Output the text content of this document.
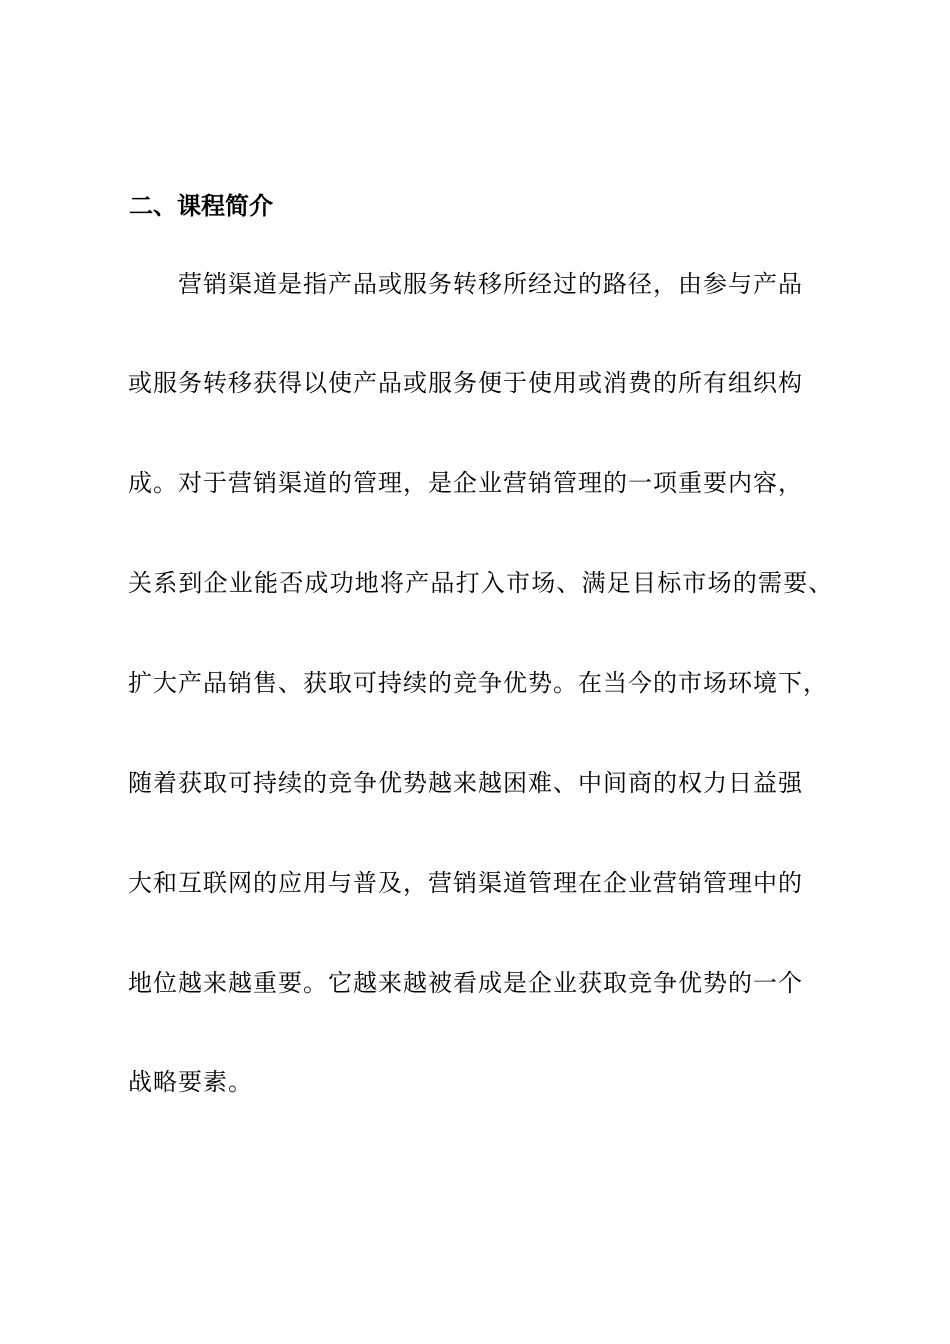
二、课程简介
营销渠道是指产品或服务转移所经过的路径，由参与产品
或服务转移获得以使产品或服务便于使用或消费的所有组织构
成。对于营销渠道的管理，是企业营销管理的一项重要内容，
关系到企业能否成功地将产品打入市场、满足目标市场的需要、
扩大产品销售、获取可持续的竞争优势。在当今的市场环境下，
随着获取可持续的竞争优势越来越困难、中间商的权力日益强
大和互联网的应用与普及，营销渠道管理在企业营销管理中的
地位越来越重要。它越来越被看成是企业获取竞争优势的一个
战略要素。
